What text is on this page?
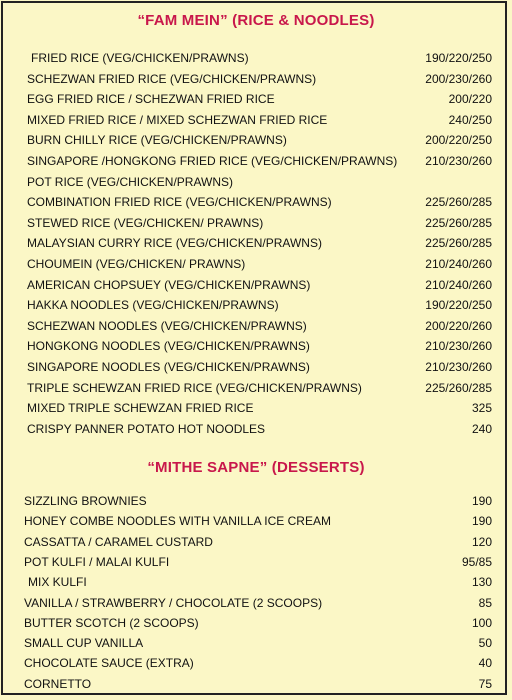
“FAM MEIN” (RICE & NOODLES)
FRIED RICE (VEG/CHICKEN/PRAWNS)	190/220/250
SCHEZWAN FRIED RICE (VEG/CHICKEN/PRAWNS)	200/230/260
EGG FRIED RICE / SCHEZWAN FRIED RICE	200/220
MIXED FRIED RICE / MIXED SCHEZWAN FRIED RICE	240/250
BURN CHILLY RICE (VEG/CHICKEN/PRAWNS)	200/220/250
SINGAPORE /HONGKONG FRIED RICE (VEG/CHICKEN/PRAWNS) 210/230/260
POT RICE (VEG/CHICKEN/PRAWNS)
COMBINATION FRIED RICE (VEG/CHICKEN/PRAWNS)	225/260/285
STEWED RICE (VEG/CHICKEN/ PRAWNS)	225/260/285
MALAYSIAN CURRY RICE (VEG/CHICKEN/PRAWNS)	225/260/285
CHOUMEIN (VEG/CHICKEN/ PRAWNS)	210/240/260
AMERICAN CHOPSUEY (VEG/CHICKEN/PRAWNS)	210/240/260
HAKKA NOODLES (VEG/CHICKEN/PRAWNS)	190/220/250
SCHEZWAN NOODLES (VEG/CHICKEN/PRAWNS)	200/220/260
HONGKONG NOODLES (VEG/CHICKEN/PRAWNS)	210/230/260
SINGAPORE NOODLES (VEG/CHICKEN/PRAWNS)	210/230/260
TRIPLE SCHEWZAN FRIED RICE (VEG/CHICKEN/PRAWNS)	225/260/285
MIXED TRIPLE SCHEWZAN FRIED RICE	325
CRISPY PANNER POTATO HOT NOODLES	240
“MITHE SAPNE” (DESSERTS)
SIZZLING BROWNIES	190
HONEY COMBE NOODLES WITH VANILLA ICE CREAM	190
CASSATTA / CARAMEL CUSTARD	120
POT KULFI / MALAI KULFI	95/85
MIX KULFI	130
VANILLA / STRAWBERRY / CHOCOLATE (2 SCOOPS)	85
BUTTER SCOTCH (2 SCOOPS)	100
SMALL CUP VANILLA	50
CHOCOLATE SAUCE (EXTRA)	40
CORNETTO	75
